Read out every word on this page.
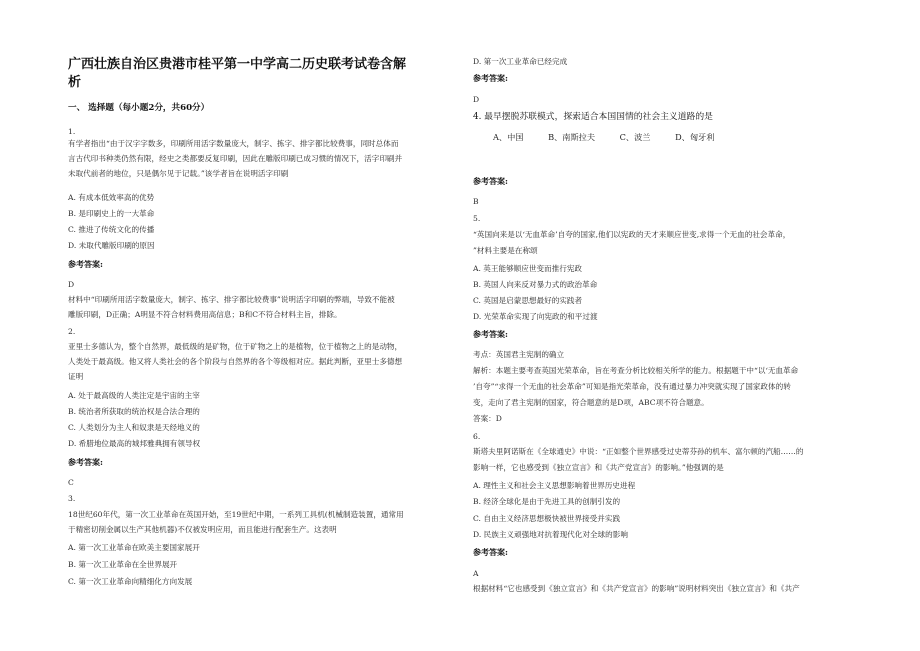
广西壮族自治区贵港市桂平第一中学高二历史联考试卷含解
析
一、 选择题（每小题2分，共60分）
1.
有学者指出“由于汉字字数多，印刷所用活字数量庞大，制字、拣字、排字都比较费事，同时总体而
言古代印书种类仍然有限，经史之类都要反复印刷，因此在雕版印刷已成习惯的情况下，活字印刷并
未取代前者的地位，只是偶尔见于记载。”该学者旨在说明活字印刷
A. 有成本低效率高的优势
B. 是印刷史上的一大革命
C. 推进了传统文化的传播
D. 未取代雕版印刷的原因
参考答案:
D
材料中“印刷所用活字数量庞大，制字、拣字、排字都比较费事”说明活字印刷的弊端，导致不能被
雕版印刷，D正确；A明显不符合材料费用高信息；B和C不符合材料主旨，排除。
2.
亚里士多德认为，整个自然界，最低级的是矿物，位于矿物之上的是植物，位于植物之上的是动物，
人类处于最高级。他又将人类社会的各个阶段与自然界的各个等级相对应。据此判断，亚里士多德想
证明
A. 处于最高级的人类注定是宇宙的主宰
B. 统治者所获取的统治权是合法合理的
C. 人类划分为主人和奴隶是天经地义的
D. 希腊地位最高的城邦雅典拥有领导权
参考答案:
C
3.
18世纪60年代，第一次工业革命在英国开始，至19世纪中期，一系列工具机(机械制造装置，通常用
于精密切削金属以生产其他机器)不仅被发明应用，而且能进行配套生产。这表明
A. 第一次工业革命在欧美主要国家展开
B. 第一次工业革命在全世界展开
C. 第一次工业革命向精细化方向发展
D. 第一次工业革命已经完成
参考答案:
D
4. 最早摆脱苏联模式，探索适合本国国情的社会主义道路的是
A、中国	B、南斯拉夫	C、波兰	D、匈牙利
参考答案:
B
5.
“英国向来是以‘无血革命’自夸的国家,他们以宪政的天才来顺应世变,求得一个无血的社会革命，
”材料主要是在称颂
A. 英王能够顺应世变而推行宪政
B. 英国人向来反对暴力式的政治革命
C. 英国是启蒙思想最好的实践者
D. 光荣革命实现了向宪政的和平过渡
参考答案:
考点：英国君主宪制的确立
解析：本题主要考查英国光荣革命，旨在考查分析比较相关所学的能力。根据题干中“以‘无血革命
’自夸”“求得一个无血的社会革命”可知是指光荣革命，没有通过暴力冲突就实现了国家政体的转
变，走向了君主宪制的国家，符合题意的是D项，ABC项不符合题意。
答案：D
6.
斯塔夫里阿诺斯在《全球通史》中说：“正如整个世界感受过史蒂芬孙的机车、富尔顿的汽船……的
影响一样，它也感受到《独立宣言》和《共产党宣言》的影响。”他强调的是
A. 理性主义和社会主义思想影响着世界历史进程
B. 经济全球化是由于先进工具的创制引发的
C. 自由主义经济思想极快被世界接受并实践
D. 民族主义顽强地对抗着现代化对全球的影响
参考答案:
A
根据材料“它也感受到《独立宣言》和《共产党宣言》的影响”说明材料突出《独立宣言》和《共产
